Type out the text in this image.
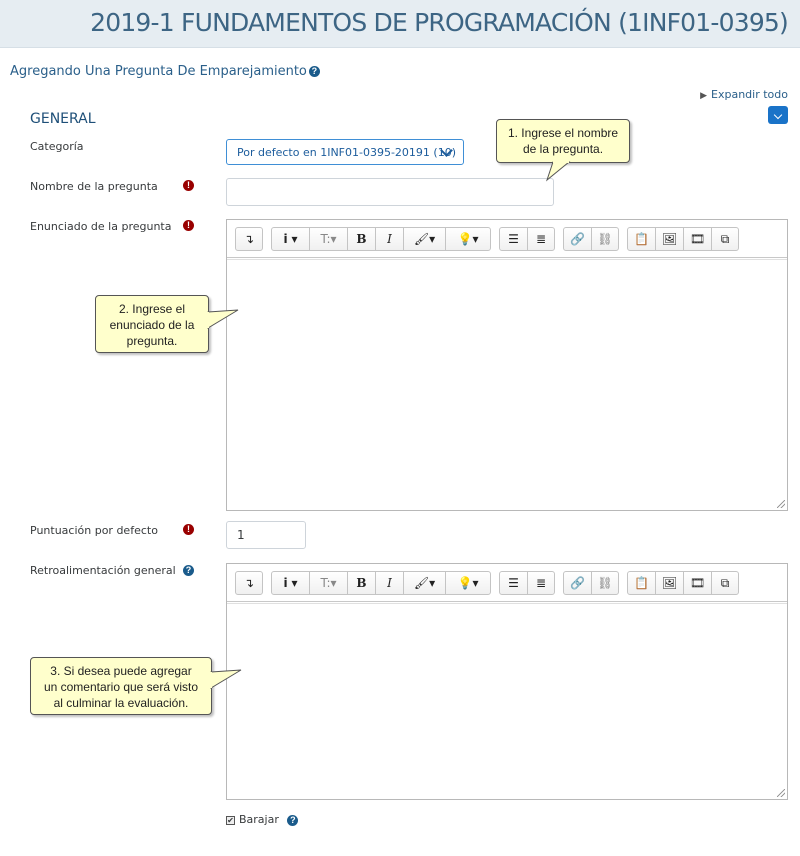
2019-1 FUNDAMENTOS DE PROGRAMACIÓN (1INF01-0395)
Agregando Una Pregunta De Emparejamiento ?
▶ Expandir todo
GENERAL
Categoría	Por defecto en 1INF01-0395-20191 (10)
Nombre de la pregunta	!
Enunciado de la pregunta	!
↴	i ▾	T: ▾	B	I	🖌▾	💡▾	☰	≣	🔗	⛓	📋	🖼	🎞	⧉
Puntuación por defecto	!	1
Retroalimentación general	?
↴	i ▾	T: ▾	B	I	🖌▾	💡▾	☰	≣	🔗	⛓	📋	🖼	🎞	⧉
✔ Barajar ?
1. Ingrese el nombre
de la pregunta.
2. Ingrese el
enunciado de la
pregunta.
3. Si desea puede agregar
un comentario que será visto
al culminar la evaluación.
